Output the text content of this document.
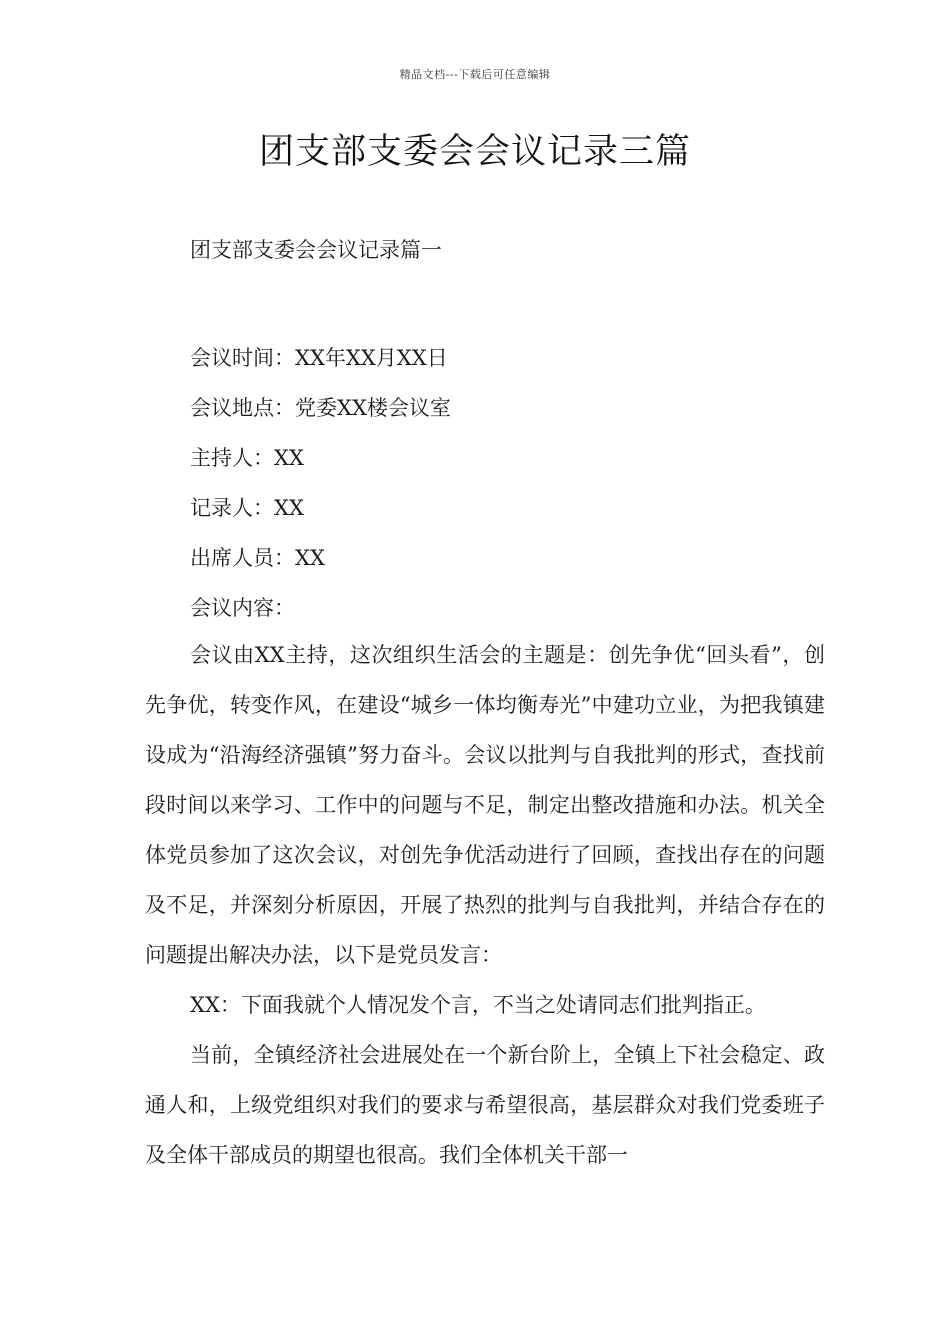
精品文档---下载后可任意编辑
团支部支委会会议记录三篇
团支部支委会会议记录篇一
会议时间：XX年XX月XX日
会议地点：党委XX楼会议室
主持人：XX
记录人：XX
出席人员：XX
会议内容：

会议由XX主持，这次组织生活会的主题是：创先争优“回头看”，创先争优，转变作风，在建设“城乡一体均衡寿光”中建功立业，为把我镇建设成为“沿海经济强镇”努力奋斗。会议以批判与自我批判的形式，查找前段时间以来学习、工作中的问题与不足，制定出整改措施和办法。机关全体党员参加了这次会议，对创先争优活动进行了回顾，查找出存在的问题及不足，并深刻分析原因，开展了热烈的批判与自我批判，并结合存在的问题提出解决办法，以下是党员发言：

XX：下面我就个人情况发个言，不当之处请同志们批判指正。

当前，全镇经济社会进展处在一个新台阶上，全镇上下社会稳定、政通人和，上级党组织对我们的要求与希望很高，基层群众对我们党委班子及全体干部成员的期望也很高。我们全体机关干部一
